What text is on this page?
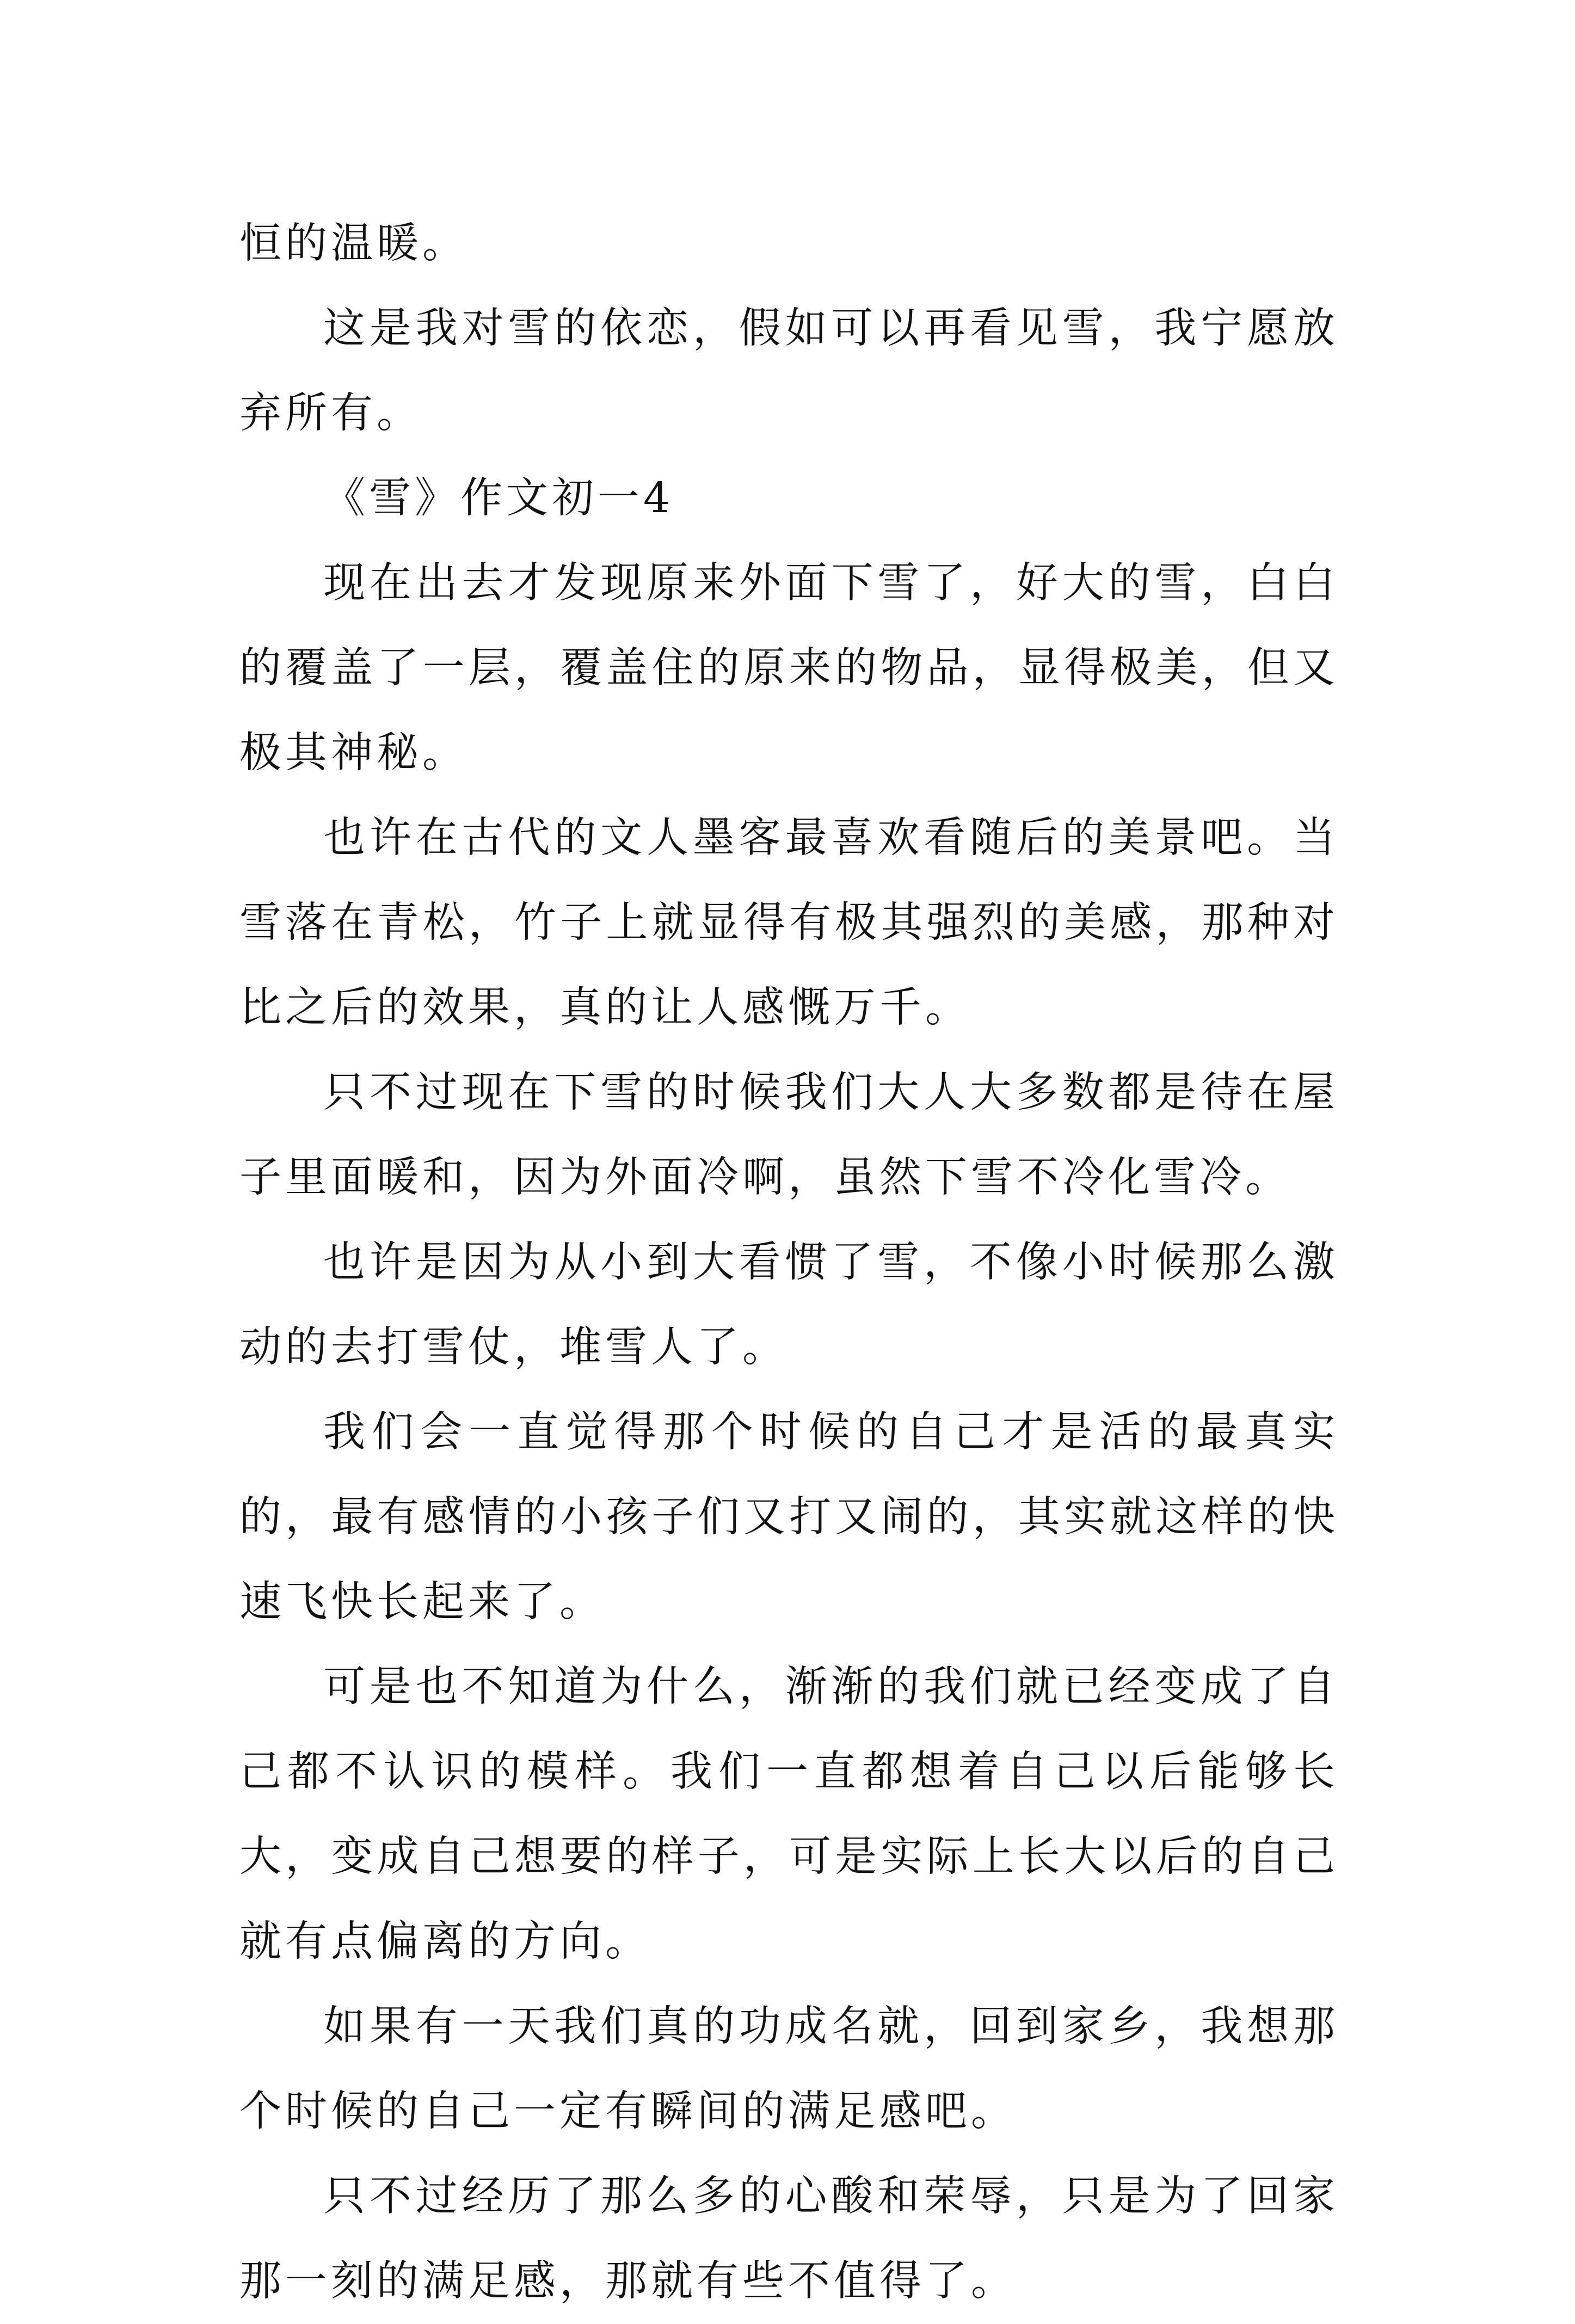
恒的温暖。

这是我对雪的依恋，假如可以再看见雪，我宁愿放弃所有。

《雪》作文初一4

现在出去才发现原来外面下雪了，好大的雪，白白的覆盖了一层，覆盖住的原来的物品，显得极美，但又极其神秘。

也许在古代的文人墨客最喜欢看随后的美景吧。当雪落在青松，竹子上就显得有极其强烈的美感，那种对比之后的效果，真的让人感慨万千。

只不过现在下雪的时候我们大人大多数都是待在屋子里面暖和，因为外面冷啊，虽然下雪不冷化雪冷。

也许是因为从小到大看惯了雪，不像小时候那么激动的去打雪仗，堆雪人了。

我们会一直觉得那个时候的自己才是活的最真实的，最有感情的小孩子们又打又闹的，其实就这样的快速飞快长起来了。

可是也不知道为什么，渐渐的我们就已经变成了自己都不认识的模样。我们一直都想着自己以后能够长大，变成自己想要的样子，可是实际上长大以后的自己就有点偏离的方向。

如果有一天我们真的功成名就，回到家乡，我想那个时候的自己一定有瞬间的满足感吧。

只不过经历了那么多的心酸和荣辱，只是为了回家那一刻的满足感，那就有些不值得了。
